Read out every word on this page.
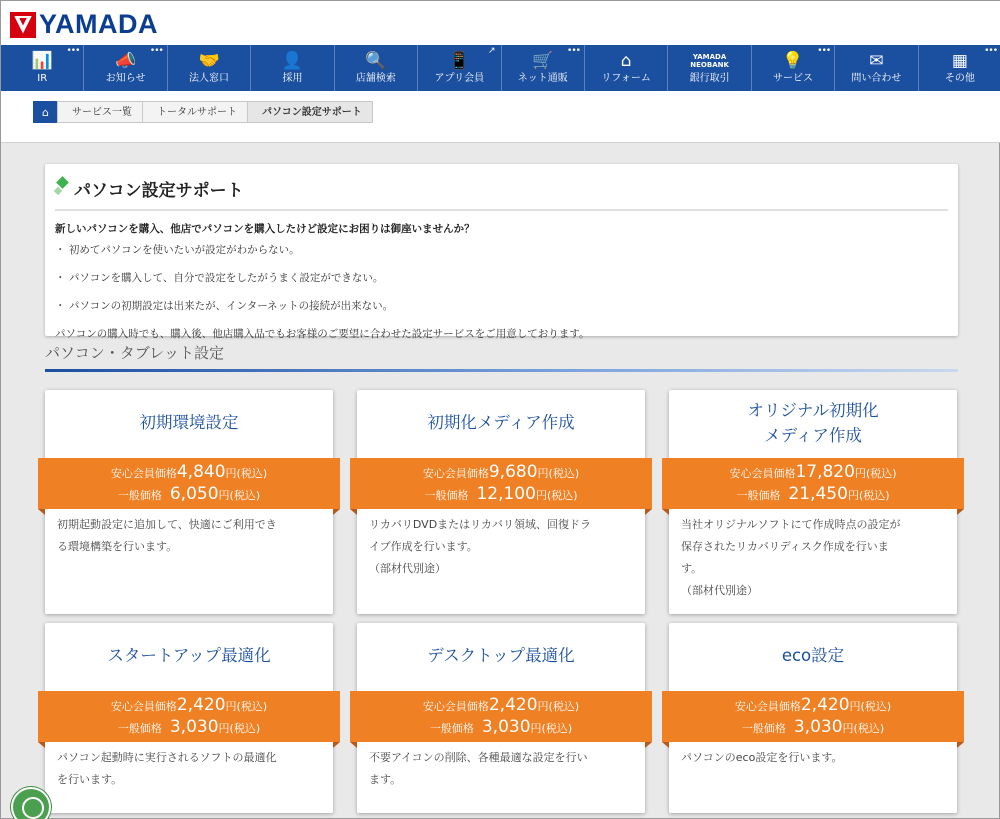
YAMADA
📊
IR
••• 📣
お知らせ
••• 🤝
法人窓口
👤
採用
🔍
店舗検索
📱
アプリ会員
↗ 🛒
ネット通販
••• ⌂
リフォーム
YAMADA
NEOBANK
銀行取引
💡
サービス
••• ✉
問い合わせ
▦
その他
•••
⌂	サービス一覧	トータルサポート	パソコン設定サポート
パソコン設定サポート

新しいパソコンを購入、他店でパソコンを購入したけど設定にお困りは御座いませんか？

・ 初めてパソコンを使いたいが設定がわからない。

・ パソコンを購入して、自分で設定をしたがうまく設定ができない。

・ パソコンの初期設定は出来たが、インターネットの接続が出来ない。

パソコンの購入時でも、購入後、他店購入品でもお客様のご要望に合わせた設定サービスをご用意しております。

パソコン・タブレット設定
初期環境設定
安心会員価格4,840円(税込)
一般価格 6,050円(税込)
初期起動設定に追加して、快適にご利用でき
る環境構築を行います。
初期化メディア作成
安心会員価格9,680円(税込)
一般価格 12,100円(税込)
リカバリDVDまたはリカバリ領域、回復ドラ
イブ作成を行います。
（部材代別途）
オリジナル初期化
メディア作成
安心会員価格17,820円(税込)
一般価格 21,450円(税込)
当社オリジナルソフトにて作成時点の設定が
保存されたリカバリディスク作成を行いま
す。
（部材代別途）
スタートアップ最適化
安心会員価格2,420円(税込)
一般価格 3,030円(税込)
パソコン起動時に実行されるソフトの最適化
を行います。
デスクトップ最適化
安心会員価格2,420円(税込)
一般価格 3,030円(税込)
不要アイコンの削除、各種最適な設定を行い
ます。
eco設定
安心会員価格2,420円(税込)
一般価格 3,030円(税込)
パソコンのeco設定を行います。
